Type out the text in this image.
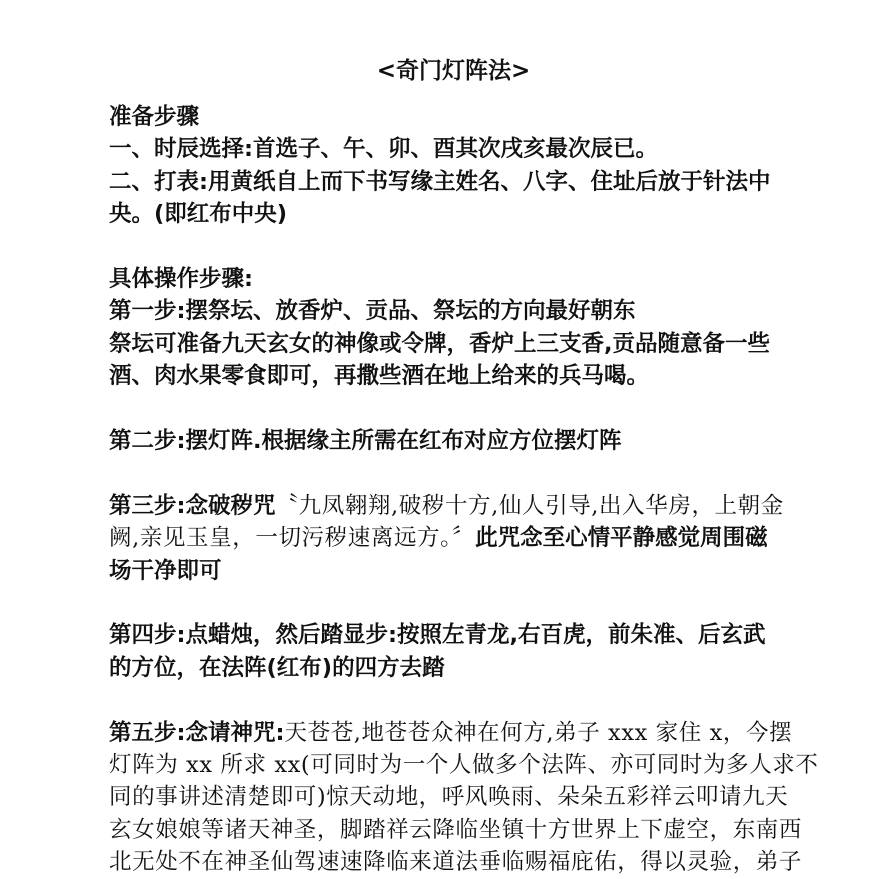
<奇门灯阵法>
准备步骤
一、时辰选择:首选子、午、卯、酉其次戌亥最次辰已。
二、打表:用黄纸自上而下书写缘主姓名、八字、住址后放于针法中
央。(即红布中央)
具体操作步骤:
第一步:摆祭坛、放香炉、贡品、祭坛的方向最好朝东
祭坛可准备九天玄女的神像或令牌，香炉上三支香,贡品随意备一些
酒、肉水果零食即可，再撒些酒在地上给来的兵马喝。
第二步:摆灯阵.根据缘主所需在红布对应方位摆灯阵
第三步:念破秽咒〝九凤翱翔,破秽十方,仙人引导,出入华房，上朝金
阙,亲见玉皇，一切污秽速离远方。〞此咒念至心情平静感觉周围磁
场干净即可
第四步:点蜡烛，然后踏显步:按照左青龙,右百虎，前朱准、后玄武
的方位，在法阵(红布)的四方去踏
第五步:念请神咒:天苍苍,地苍苍众神在何方,弟子 xxx 家住 x，今摆
灯阵为 xx 所求 xx(可同时为一个人做多个法阵、亦可同时为多人求不
同的事讲述清楚即可)惊天动地，呼风唤雨、朵朵五彩祥云叩请九天
玄女娘娘等诸天神圣，脚踏祥云降临坐镇十方世界上下虚空，东南西
北无处不在神圣仙驾速速降临来道法垂临赐福庇佑，得以灵验，弟子
